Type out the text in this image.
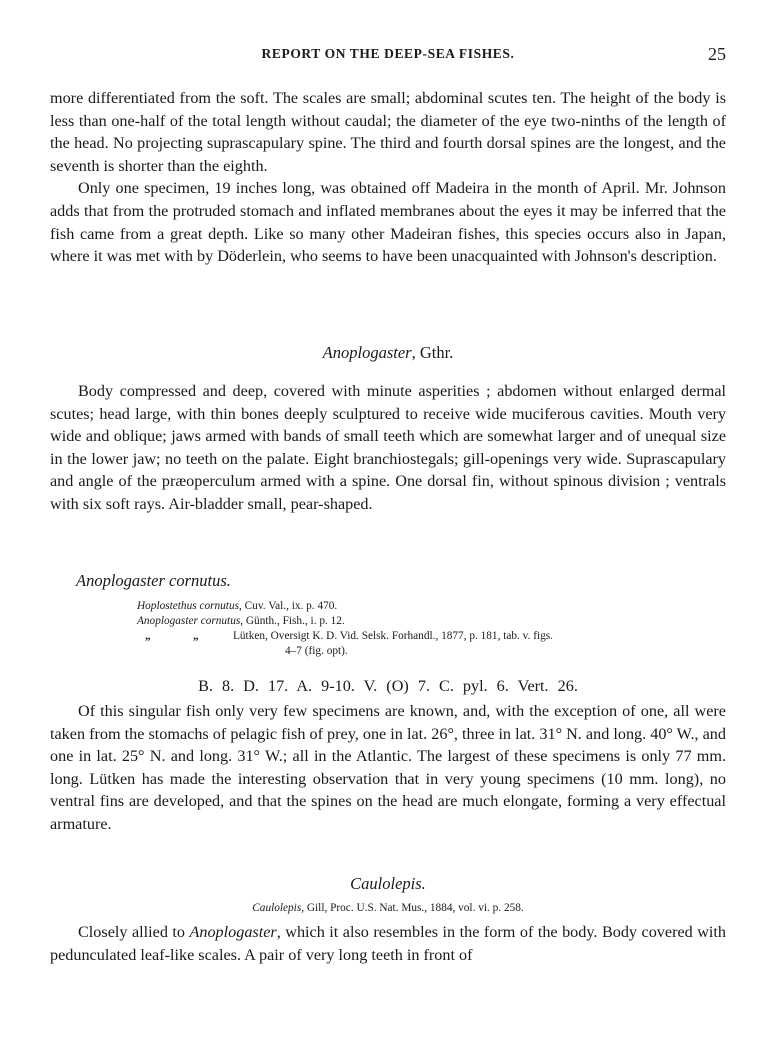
REPORT ON THE DEEP-SEA FISHES.	25

more differentiated from the soft. The scales are small; abdominal scutes ten. The height of the body is less than one-half of the total length without caudal; the diameter of the eye two-ninths of the length of the head. No projecting suprascapulary spine. The third and fourth dorsal spines are the longest, and the seventh is shorter than the eighth.

Only one specimen, 19 inches long, was obtained off Madeira in the month of April. Mr. Johnson adds that from the protruded stomach and inflated membranes about the eyes it may be inferred that the fish came from a great depth. Like so many other Madeiran fishes, this species occurs also in Japan, where it was met with by Döderlein, who seems to have been unacquainted with Johnson's description.

Anoplogaster, Gthr.

Body compressed and deep, covered with minute asperities ; abdomen without enlarged dermal scutes; head large, with thin bones deeply sculptured to receive wide muciferous cavities. Mouth very wide and oblique; jaws armed with bands of small teeth which are somewhat larger and of unequal size in the lower jaw; no teeth on the palate. Eight branchiostegals; gill-openings very wide. Suprascapulary and angle of the præoperculum armed with a spine. One dorsal fin, without spinous division ; ventrals with six soft rays. Air-bladder small, pear-shaped.

Anoplogaster cornutus.
Hoplostethus cornutus, Cuv. Val., ix. p. 470.
Anoplogaster cornutus, Günth., Fish., i. p. 12.
„	„	Lütken, Oversigt K. D. Vid. Selsk. Forhandl., 1877, p. 181, tab. v. figs.
4–7 (fig. opt).
B. 8. D. 17. A. 9-10. V. (O) 7. C. pyl. 6. Vert. 26.

Of this singular fish only very few specimens are known, and, with the exception of one, all were taken from the stomachs of pelagic fish of prey, one in lat. 26°, three in lat. 31° N. and long. 40° W., and one in lat. 25° N. and long. 31° W.; all in the Atlantic. The largest of these specimens is only 77 mm. long. Lütken has made the interesting observation that in very young specimens (10 mm. long), no ventral fins are developed, and that the spines on the head are much elongate, forming a very effectual armature.

Caulolepis.
Caulolepis, Gill, Proc. U.S. Nat. Mus., 1884, vol. vi. p. 258.

Closely allied to Anoplogaster, which it also resembles in the form of the body. Body covered with pedunculated leaf-like scales. A pair of very long teeth in front of
